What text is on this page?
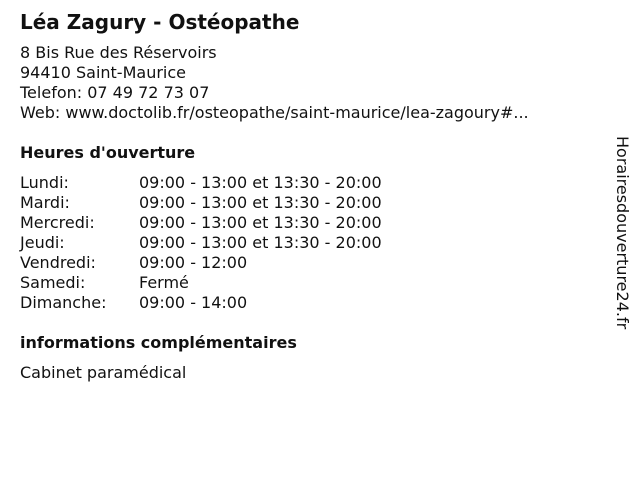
Léa Zagury - Ostéopathe
8 Bis Rue des Réservoirs
94410 Saint-Maurice
Telefon: 07 49 72 73 07
Web: www.doctolib.fr/osteopathe/saint-maurice/lea-zagoury#...
Heures d'ouverture
Lundi:	09:00 - 13:00 et 13:30 - 20:00
Mardi:	09:00 - 13:00 et 13:30 - 20:00
Mercredi:	09:00 - 13:00 et 13:30 - 20:00
Jeudi:	09:00 - 13:00 et 13:30 - 20:00
Vendredi:	09:00 - 12:00
Samedi:	Fermé
Dimanche:	09:00 - 14:00
informations complémentaires
Cabinet paramédical
Horairesdouverture24.fr
